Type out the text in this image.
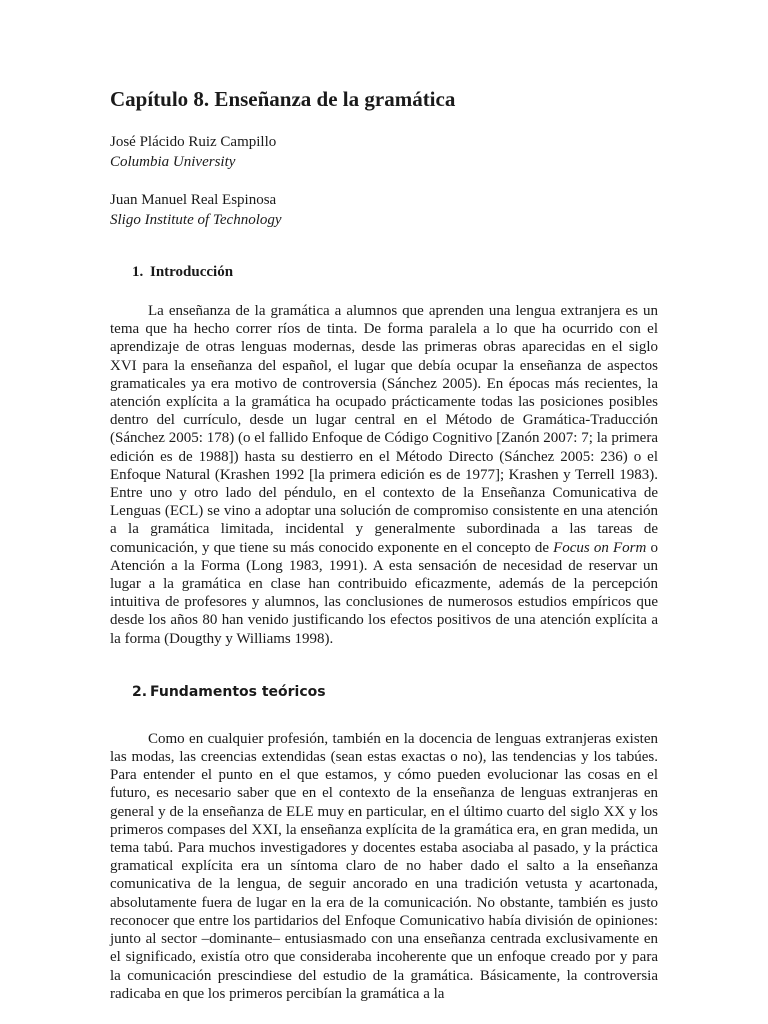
Capítulo 8. Enseñanza de la gramática
José Plácido Ruiz Campillo
Columbia University
Juan Manuel Real Espinosa
Sligo Institute of Technology
1. Introducción

La enseñanza de la gramática a alumnos que aprenden una lengua extranjera es un tema que ha hecho correr ríos de tinta. De forma paralela a lo que ha ocurrido con el aprendizaje de otras lenguas modernas, desde las primeras obras aparecidas en el siglo XVI para la enseñanza del español, el lugar que debía ocupar la enseñanza de aspectos gramaticales ya era motivo de controversia (Sánchez 2005). En épocas más recientes, la atención explícita a la gramática ha ocupado prácticamente todas las posiciones posibles dentro del currículo, desde un lugar central en el Método de Gramática-Traducción (Sánchez 2005: 178) (o el fallido Enfoque de Código Cognitivo [Zanón 2007: 7; la primera edición es de 1988]) hasta su destierro en el Método Directo (Sánchez 2005: 236) o el Enfoque Natural (Krashen 1992 [la primera edición es de 1977]; Krashen y Terrell 1983). Entre uno y otro lado del péndulo, en el contexto de la Enseñanza Comunicativa de Lenguas (ECL) se vino a adoptar una solución de compromiso consistente en una atención a la gramática limitada, incidental y generalmente subordinada a las tareas de comunicación, y que tiene su más conocido exponente en el concepto de Focus on Form o Atención a la Forma (Long 1983, 1991). A esta sensación de necesidad de reservar un lugar a la gramática en clase han contribuido eficazmente, además de la percepción intuitiva de profesores y alumnos, las conclusiones de numerosos estudios empíricos que desde los años 80 han venido justificando los efectos positivos de una atención explícita a la forma (Dougthy y Williams 1998).

2. Fundamentos teóricos

Como en cualquier profesión, también en la docencia de lenguas extranjeras existen las modas, las creencias extendidas (sean estas exactas o no), las tendencias y los tabúes. Para entender el punto en el que estamos, y cómo pueden evolucionar las cosas en el futuro, es necesario saber que en el contexto de la enseñanza de lenguas extranjeras en general y de la enseñanza de ELE muy en particular, en el último cuarto del siglo XX y los primeros compases del XXI, la enseñanza explícita de la gramática era, en gran medida, un tema tabú. Para muchos investigadores y docentes estaba asociaba al pasado, y la práctica gramatical explícita era un síntoma claro de no haber dado el salto a la enseñanza comunicativa de la lengua, de seguir ancorado en una tradición vetusta y acartonada, absolutamente fuera de lugar en la era de la comunicación. No obstante, también es justo reconocer que entre los partidarios del Enfoque Comunicativo había división de opiniones: junto al sector –dominante– entusiasmado con una enseñanza centrada exclusivamente en el significado, existía otro que consideraba incoherente que un enfoque creado por y para la comunicación prescindiese del estudio de la gramática. Básicamente, la controversia radicaba en que los primeros percibían la gramática a la
